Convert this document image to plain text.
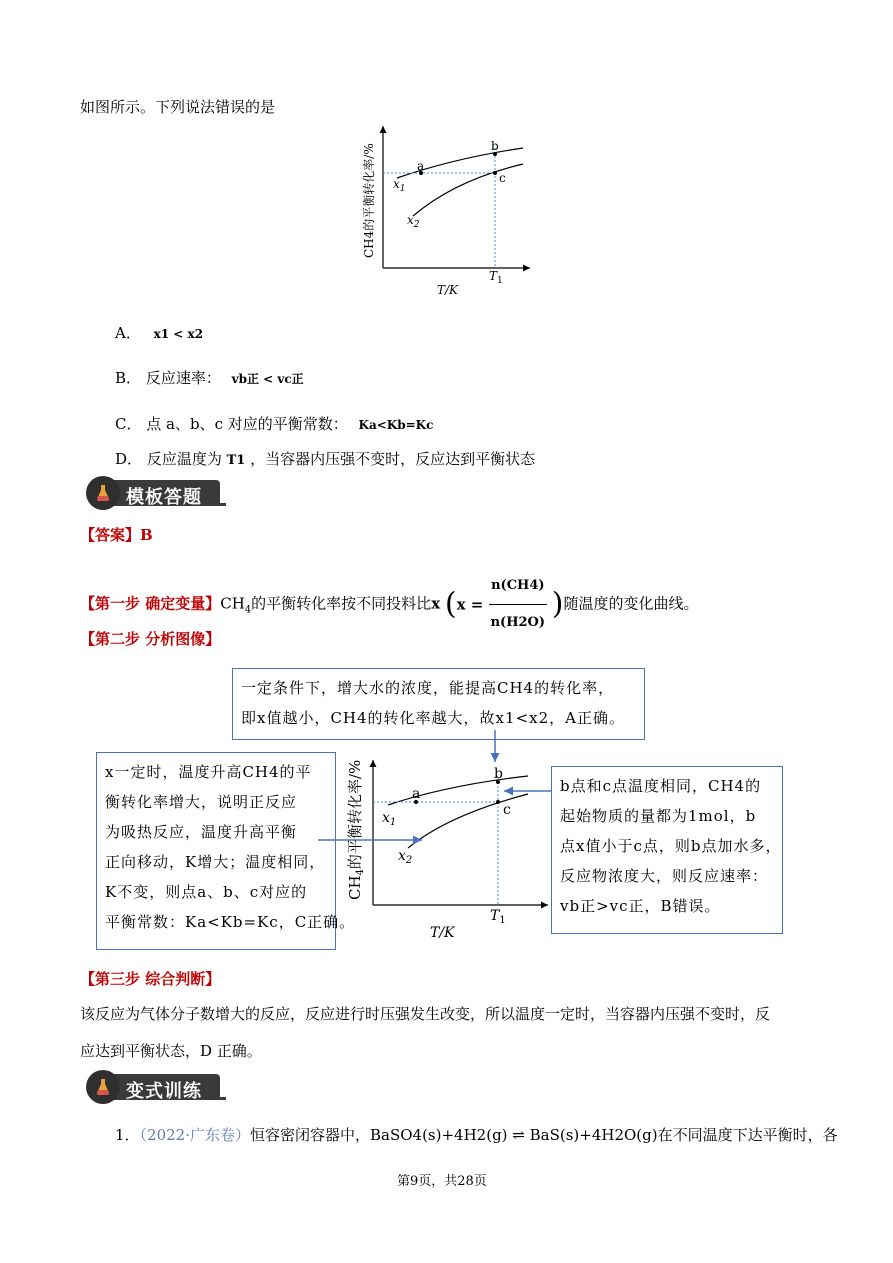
如图所示。下列说法错误的是
a
b
c
$x_1$
$x_2$
$T_1$
T/K
CH4的平衡转化率/%
A． x1 < x2
B． 反应速率： vb正 < vc正
C． 点 a、b、c 对应的平衡常数： Ka<Kb=Kc
D． 反应温度为 T1 ，当容器内压强不变时，反应达到平衡状态
模板答题
【答案】B
【第一步 确定变量】$CH_4$的平衡转化率按不同投料比x ($x = \frac{n(CH4)}{n(H2O)}$ )随温度的变化曲线。
【第二步 分析图像】
一定条件下，增大水的浓度，能提高CH4的转化率，
即x值越小，CH4的转化率越大，故x1<x2，A正确。
x一定时，温度升高CH4的平
衡转化率增大，说明正反应
为吸热反应，温度升高平衡
正向移动，K增大；温度相同，
K不变，则点a、b、c对应的
平衡常数：Ka<Kb=Kc，C正确。
b点和c点温度相同，CH4的
起始物质的量都为1mol，b
点x值小于c点，则b点加水多，
反应物浓度大，则反应速率：
vb正>vc正，B错误。
a
b
c
$x_1$
$x_2$
$T_1$
T/K
$CH_4$的平衡转化率/%
【第三步 综合判断】
该反应为气体分子数增大的反应，反应进行时压强发生改变，所以温度一定时，当容器内压强不变时，反
应达到平衡状态，D 正确。
变式训练
1．（2022·广东卷）恒容密闭容器中，BaSO4(s)+4H2(g) ⇌ BaS(s)+4H2O(g)在不同温度下达平衡时，各
第9页，共28页
